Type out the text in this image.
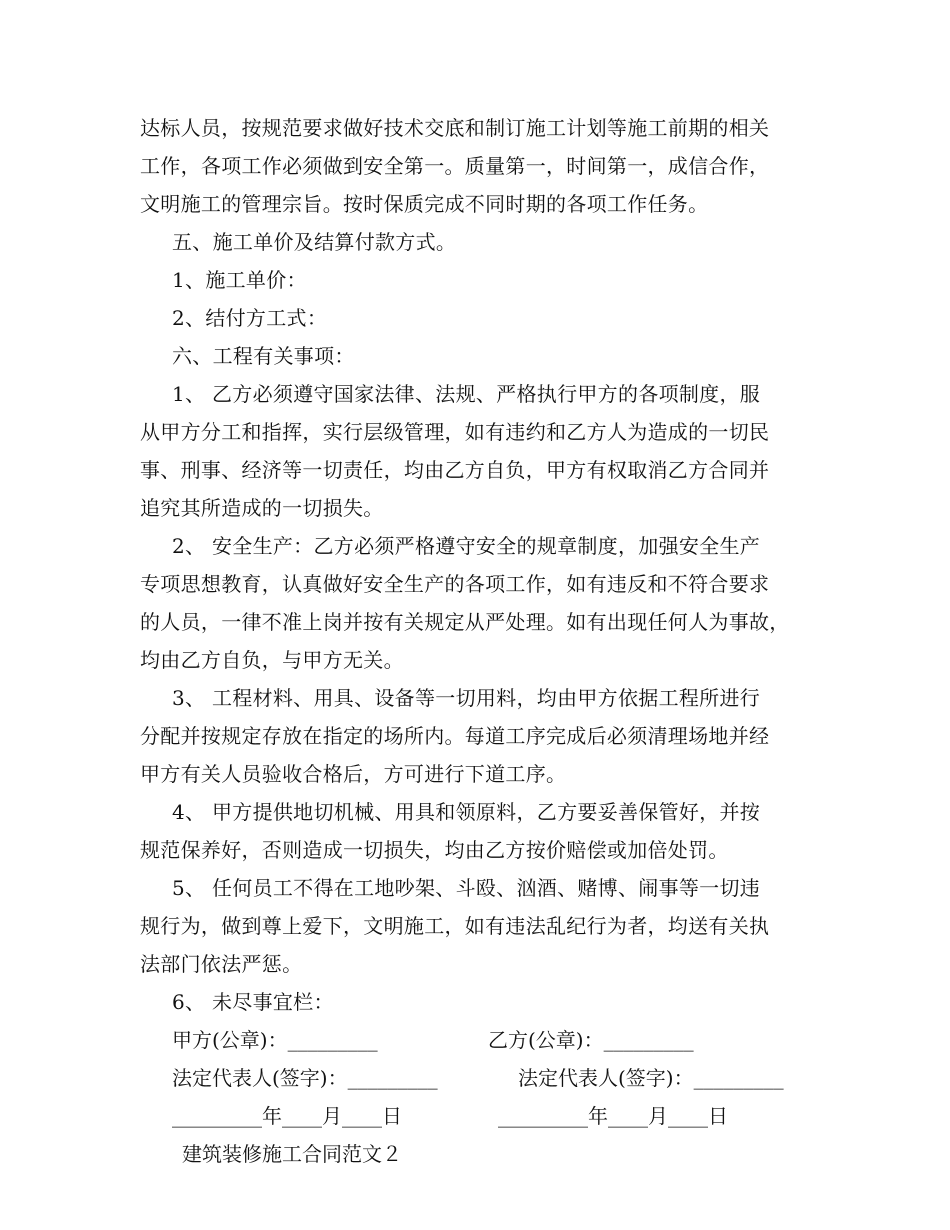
达标人员，按规范要求做好技术交底和制订施工计划等施工前期的相关
工作，各项工作必须做到安全第一。质量第一，时间第一，成信合作，
文明施工的管理宗旨。按时保质完成不同时期的各项工作任务。
五、施工单价及结算付款方式。
1、施工单价：
2、结付方工式：
六、工程有关事项：
1、 乙方必须遵守国家法律、法规、严格执行甲方的各项制度，服
从甲方分工和指挥，实行层级管理，如有违约和乙方人为造成的一切民
事、刑事、经济等一切责任，均由乙方自负，甲方有权取消乙方合同并
追究其所造成的一切损失。
2、 安全生产：乙方必须严格遵守安全的规章制度，加强安全生产
专项思想教育，认真做好安全生产的各项工作，如有违反和不符合要求
的人员，一律不准上岗并按有关规定从严处理。如有出现任何人为事故，
均由乙方自负，与甲方无关。
3、 工程材料、用具、设备等一切用料，均由甲方依据工程所进行
分配并按规定存放在指定的场所内。每道工序完成后必须清理场地并经
甲方有关人员验收合格后，方可进行下道工序。
4、 甲方提供地切机械、用具和领原料，乙方要妥善保管好，并按
规范保养好，否则造成一切损失，均由乙方按价赔偿或加倍处罚。
5、 任何员工不得在工地吵架、斗殴、汹酒、赌博、闹事等一切违
规行为，做到尊上爱下，文明施工，如有违法乱纪行为者，均送有关执
法部门依法严惩。
6、 未尽事宜栏：
甲方(公章)：_________	乙方(公章)：_________
法定代表人(签字)：_________	法定代表人(签字)：_________
_________年____月____日	_________年____月____日
建筑装修施工合同范文２
